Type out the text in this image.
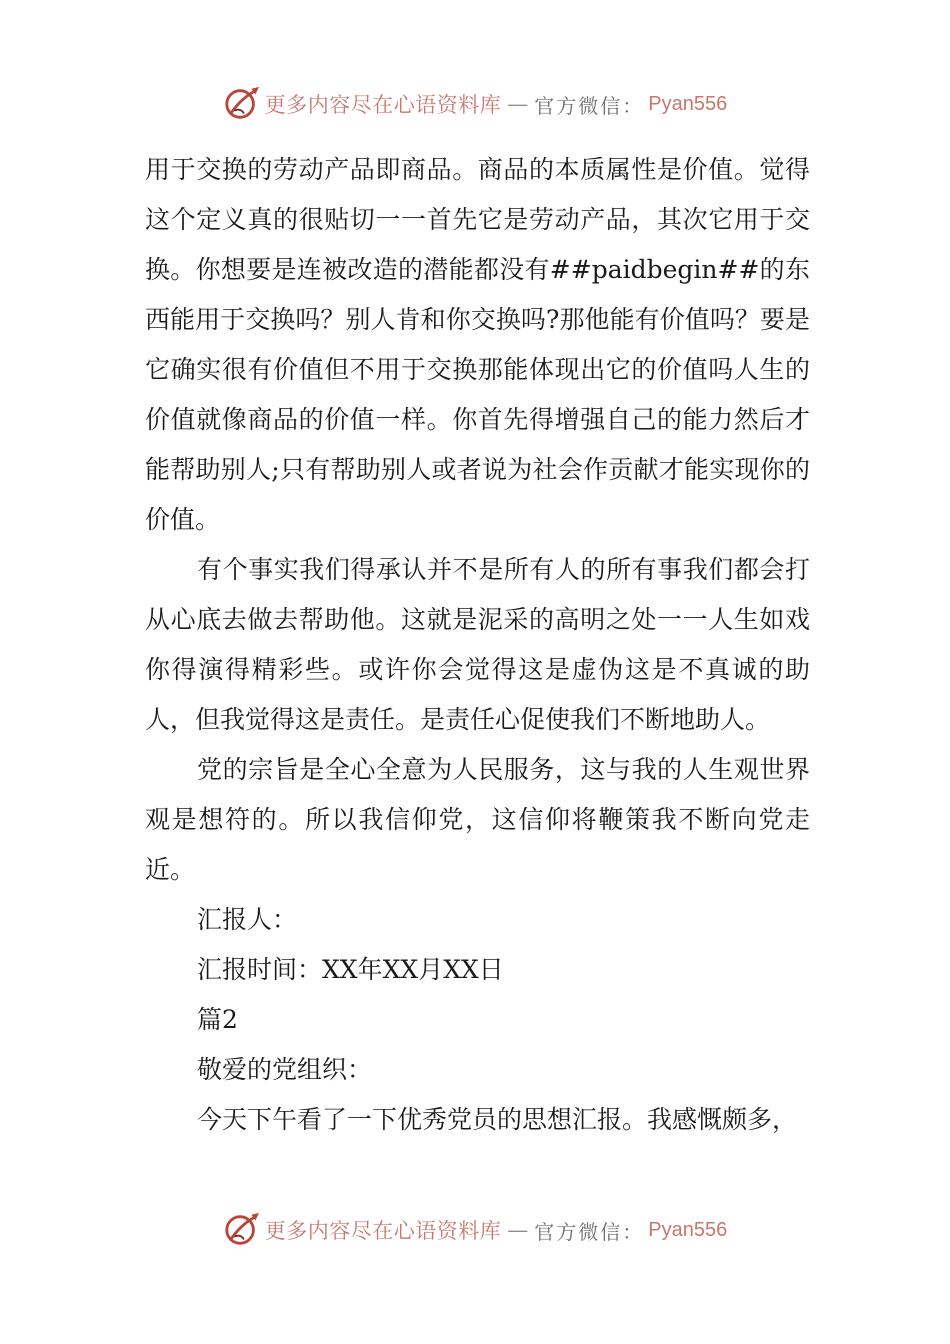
更多内容尽在心语资料库 — 官方微信： Pyan556

用于交换的劳动产品即商品。商品的本质属性是价值。觉得这个定义真的很贴切一一首先它是劳动产品，其次它用于交换。你想要是连被改造的潜能都没有##paidbegin##的东西能用于交换吗？别人肯和你交换吗?那他能有价值吗？要是它确实很有价值但不用于交换那能体现出它的价值吗人生的价值就像商品的价值一样。你首先得增强自己的能力然后才能帮助别人;只有帮助别人或者说为社会作贡献才能实现你的价值。

有个事实我们得承认并不是所有人的所有事我们都会打从心底去做去帮助他。这就是泥采的高明之处一一人生如戏你得演得精彩些。或许你会觉得这是虚伪这是不真诚的助人，但我觉得这是责任。是责任心促使我们不断地助人。

党的宗旨是全心全意为人民服务，这与我的人生观世界观是想符的。所以我信仰党，这信仰将鞭策我不断向党走近。

汇报人：

汇报时间：XX年XX月XX日

篇2

敬爱的党组织：

今天下午看了一下优秀党员的思想汇报。我感慨颇多，

更多内容尽在心语资料库 — 官方微信： Pyan556
